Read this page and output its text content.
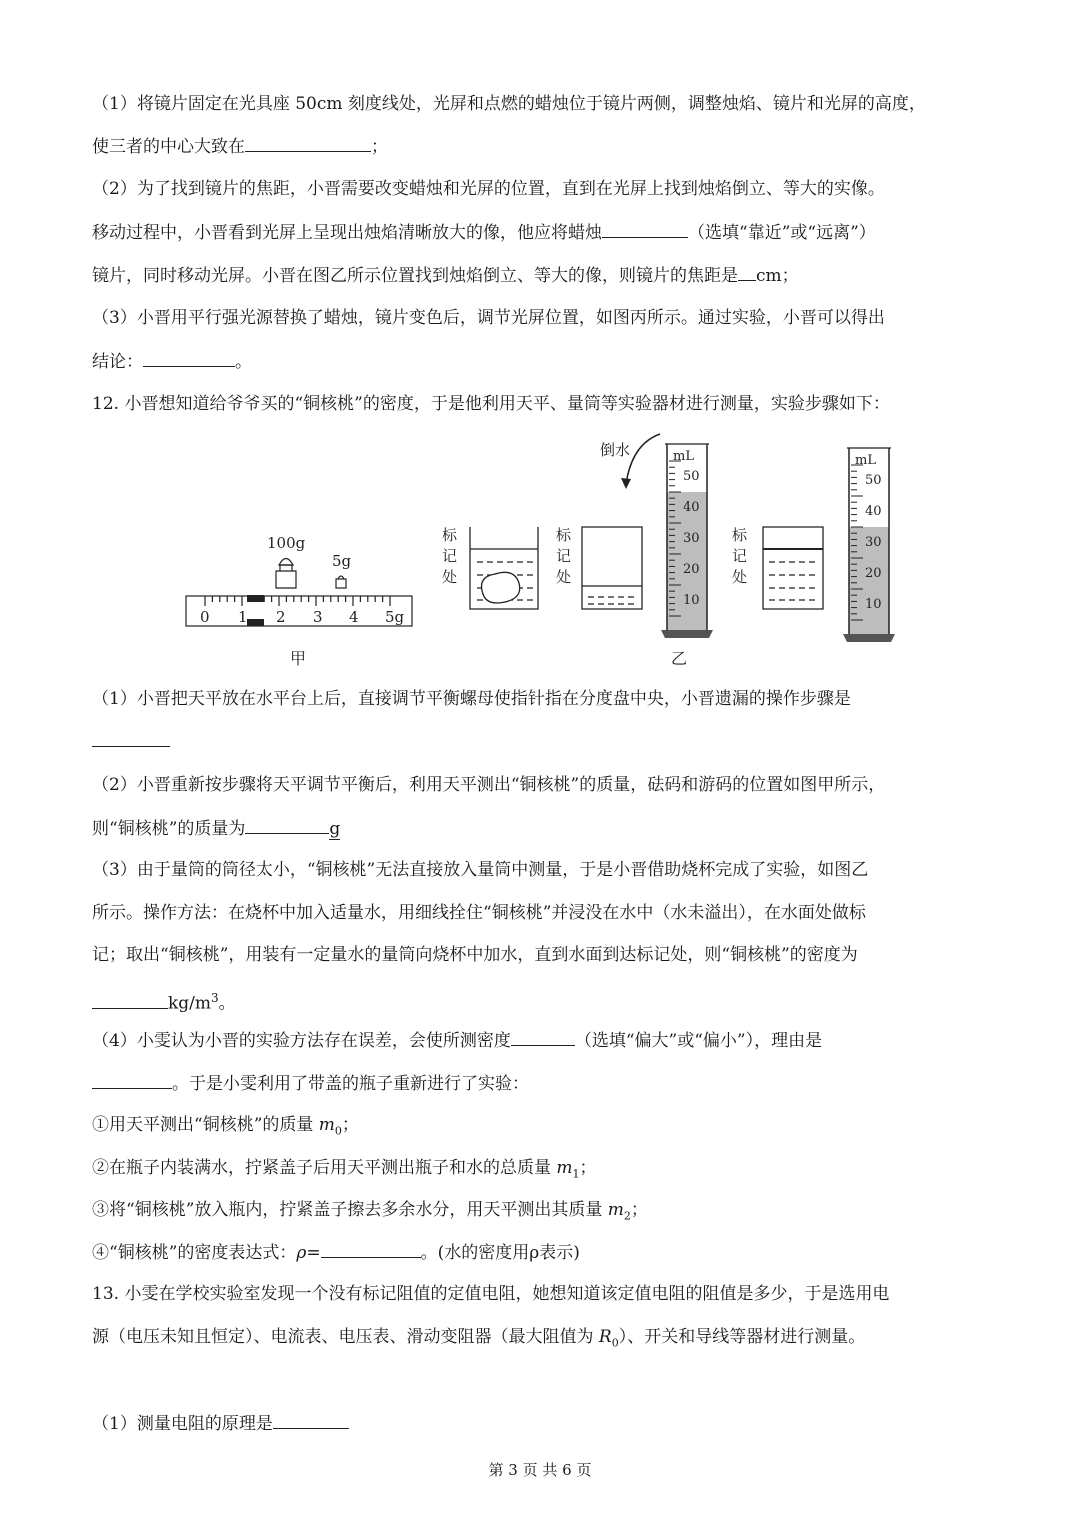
（1）将镜片固定在光具座 50cm 刻度线处，光屏和点燃的蜡烛位于镜片两侧，调整烛焰、镜片和光屏的高度，
使三者的中心大致在	；
（2）为了找到镜片的焦距，小晋需要改变蜡烛和光屏的位置，直到在光屏上找到烛焰倒立、等大的实像。
移动过程中，小晋看到光屏上呈现出烛焰清晰放大的像，他应将蜡烛	（选填“靠近”或“远离”）
镜片，同时移动光屏。小晋在图乙所示位置找到烛焰倒立、等大的像，则镜片的焦距是 cm；
（3）小晋用平行强光源替换了蜡烛，镜片变色后，调节光屏位置，如图丙所示。通过实验，小晋可以得出
结论：	。
12. 小晋想知道给爷爷买的“铜核桃”的密度，于是他利用天平、量筒等实验器材进行测量，实验步骤如下：
0 1 2 3 4 5g
100g
5g
甲	乙
标
记
处
标
记
处
倒水	mL
50
40
30
20
10
标
记
处
mL
50
40
30
20
10
（1）小晋把天平放在水平台上后，直接调节平衡螺母使指针指在分度盘中央，小晋遗漏的操作步骤是
（2）小晋重新按步骤将天平调节平衡后，利用天平测出“铜核桃”的质量，砝码和游码的位置如图甲所示，
则“铜核桃”的质量为	g
（3）由于量筒的筒径太小，“铜核桃”无法直接放入量筒中测量，于是小晋借助烧杯完成了实验，如图乙
所示。操作方法：在烧杯中加入适量水，用细线拴住“铜核桃”并浸没在水中（水未溢出），在水面处做标
记；取出“铜核桃”，用装有一定量水的量筒向烧杯中加水，直到水面到达标记处，则“铜核桃”的密度为
$kg/m^3$。
（4）小雯认为小晋的实验方法存在误差，会使所测密度	（选填“偏大”或“偏小”），理由是
。于是小雯利用了带盖的瓶子重新进行了实验：
①用天平测出“铜核桃”的质量 $m_0$；
②在瓶子内装满水，拧紧盖子后用天平测出瓶子和水的总质量 $m_1$；
③将“铜核桃”放入瓶内，拧紧盖子擦去多余水分，用天平测出其质量 $m_2$；
④“铜核桃”的密度表达式：ρ=	。(水的密度用ρ表示)
13. 小雯在学校实验室发现一个没有标记阻值的定值电阻，她想知道该定值电阻的阻值是多少，于是选用电
源（电压未知且恒定）、电流表、电压表、滑动变阻器（最大阻值为 $R_0$）、开关和导线等器材进行测量。
（1）测量电阻的原理是
第 3 页 共 6 页
